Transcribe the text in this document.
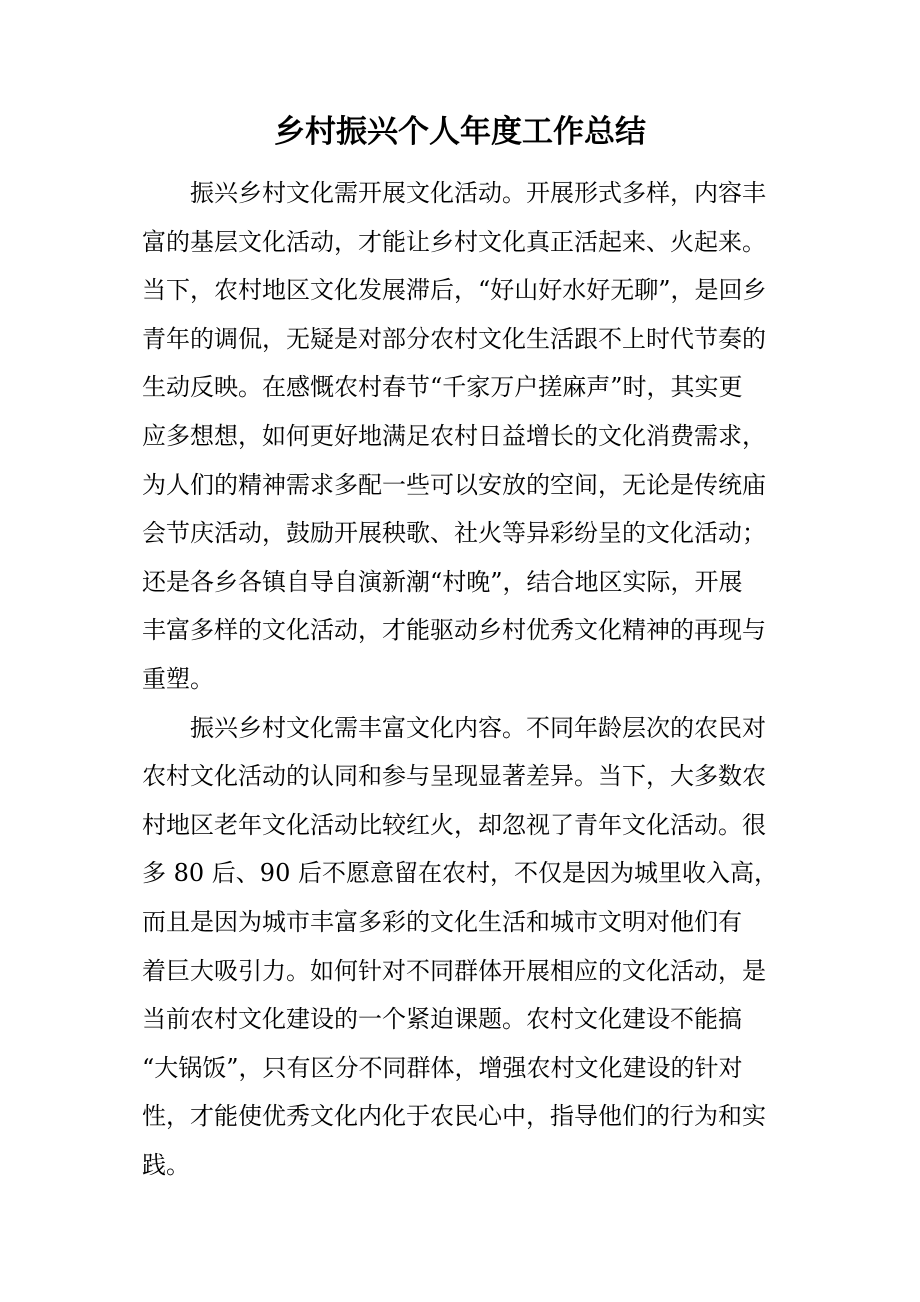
乡村振兴个人年度工作总结

振兴乡村文化需开展文化活动。开展形式多样，内容丰
富的基层文化活动，才能让乡村文化真正活起来、火起来。
当下，农村地区文化发展滞后，“好山好水好无聊”，是回乡
青年的调侃，无疑是对部分农村文化生活跟不上时代节奏的
生动反映。在感慨农村春节“千家万户搓麻声”时，其实更
应多想想，如何更好地满足农村日益增长的文化消费需求，
为人们的精神需求多配一些可以安放的空间，无论是传统庙
会节庆活动，鼓励开展秧歌、社火等异彩纷呈的文化活动；
还是各乡各镇自导自演新潮“村晚”，结合地区实际，开展
丰富多样的文化活动，才能驱动乡村优秀文化精神的再现与
重塑。

振兴乡村文化需丰富文化内容。不同年龄层次的农民对
农村文化活动的认同和参与呈现显著差异。当下，大多数农
村地区老年文化活动比较红火，却忽视了青年文化活动。很
多 80 后、90 后不愿意留在农村，不仅是因为城里收入高，
而且是因为城市丰富多彩的文化生活和城市文明对他们有
着巨大吸引力。如何针对不同群体开展相应的文化活动，是
当前农村文化建设的一个紧迫课题。农村文化建设不能搞
“大锅饭”，只有区分不同群体，增强农村文化建设的针对
性，才能使优秀文化内化于农民心中，指导他们的行为和实
践。
